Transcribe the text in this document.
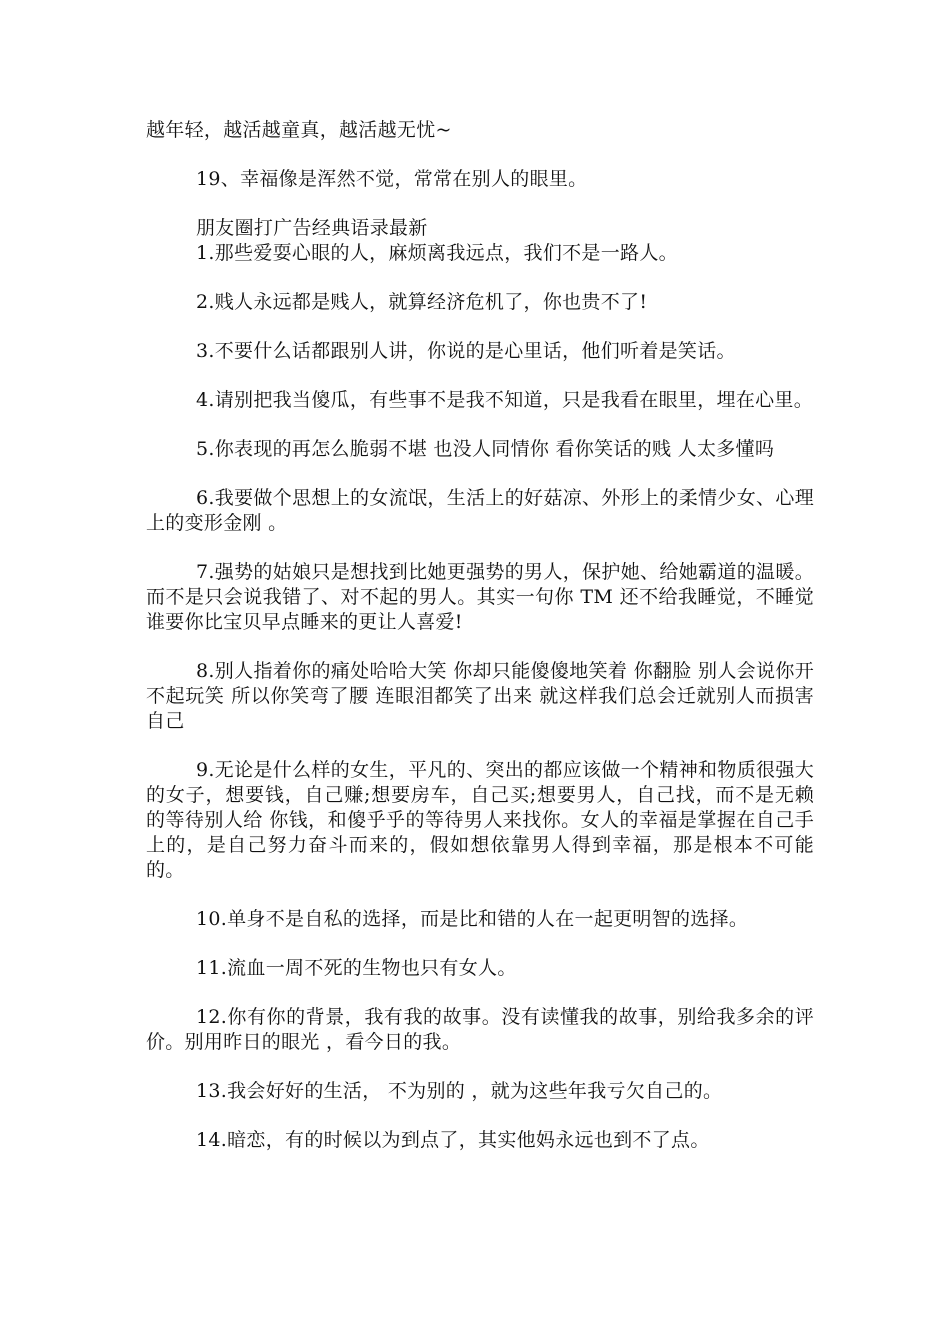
越年轻，越活越童真，越活越无忧~

19、幸福像是浑然不觉，常常在别人的眼里。

朋友圈打广告经典语录最新

1.那些爱耍心眼的人，麻烦离我远点，我们不是一路人。

2.贱人永远都是贱人，就算经济危机了，你也贵不了!

3.不要什么话都跟别人讲，你说的是心里话，他们听着是笑话。

4.请别把我当傻瓜，有些事不是我不知道，只是我看在眼里，埋在心里。

5.你表现的再怎么脆弱不堪 也没人同情你 看你笑话的贱 人太多懂吗

6.我要做个思想上的女流氓，生活上的好菇凉、外形上的柔情少女、心理上的变形金刚 。

7.强势的姑娘只是想找到比她更强势的男人，保护她、给她霸道的温暖。而不是只会说我错了、对不起的男人。其实一句你 TM 还不给我睡觉，不睡觉谁要你比宝贝早点睡来的更让人喜爱!

8.别人指着你的痛处哈哈大笑 你却只能傻傻地笑着 你翻脸 别人会说你开不起玩笑 所以你笑弯了腰 连眼泪都笑了出来 就这样我们总会迁就别人而损害自己

9.无论是什么样的女生，平凡的、突出的都应该做一个精神和物质很强大的女子，想要钱，自己赚;想要房车，自己买;想要男人，自己找，而不是无赖的等待别人给 你钱，和傻乎乎的等待男人来找你。女人的幸福是掌握在自己手上的，是自己努力奋斗而来的，假如想依靠男人得到幸福，那是根本不可能的。

10.单身不是自私的选择，而是比和错的人在一起更明智的选择。

11.流血一周不死的生物也只有女人。

12.你有你的背景，我有我的故事。没有读懂我的故事，别给我多余的评价。别用昨日的眼光 ，看今日的我。

13.我会好好的生活， 不为别的 ，就为这些年我亏欠自己的。

14.暗恋，有的时候以为到点了，其实他妈永远也到不了点。
